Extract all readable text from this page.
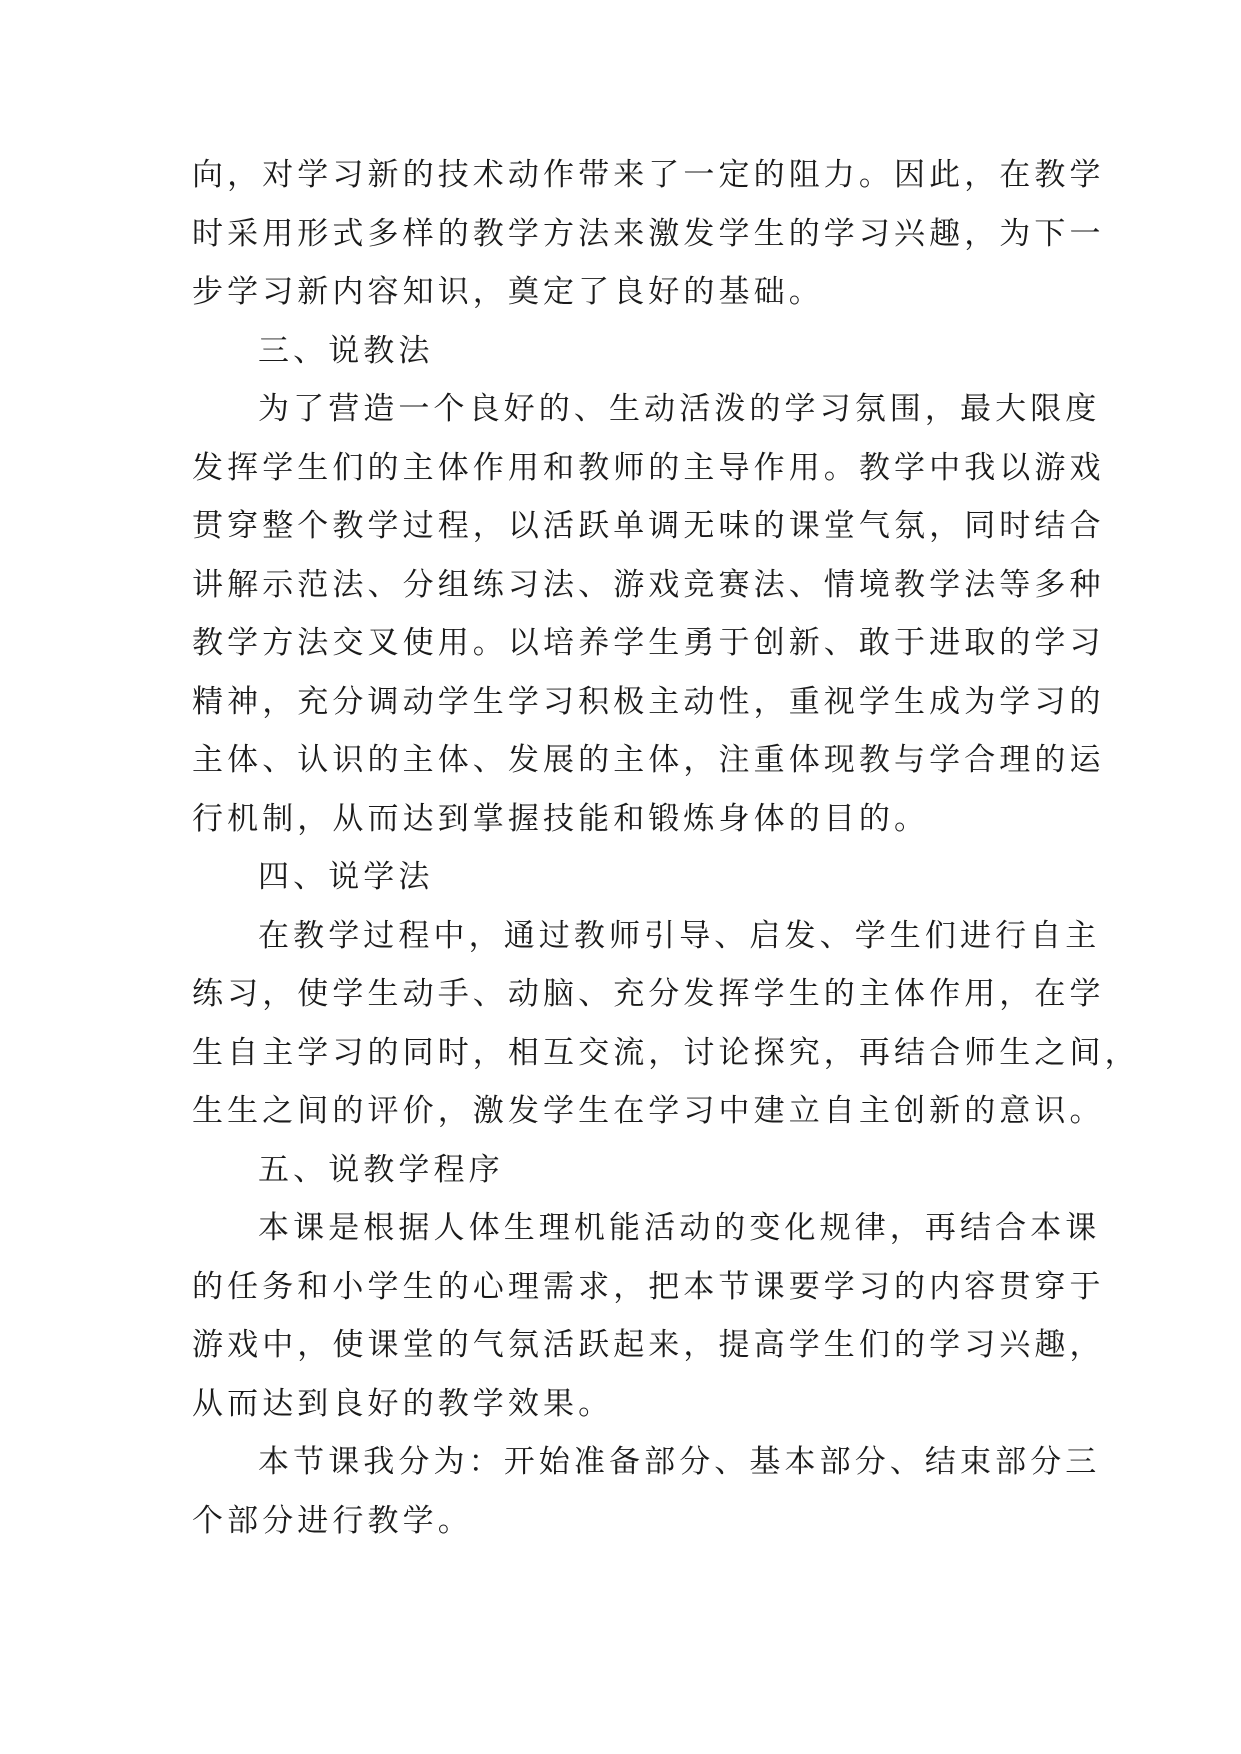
向，对学习新的技术动作带来了一定的阻力。因此，在教学
时采用形式多样的教学方法来激发学生的学习兴趣，为下一
步学习新内容知识，奠定了良好的基础。
三、说教法
为了营造一个良好的、生动活泼的学习氛围，最大限度
发挥学生们的主体作用和教师的主导作用。教学中我以游戏
贯穿整个教学过程，以活跃单调无味的课堂气氛，同时结合
讲解示范法、分组练习法、游戏竞赛法、情境教学法等多种
教学方法交叉使用。以培养学生勇于创新、敢于进取的学习
精神，充分调动学生学习积极主动性，重视学生成为学习的
主体、认识的主体、发展的主体，注重体现教与学合理的运
行机制，从而达到掌握技能和锻炼身体的目的。
四、说学法
在教学过程中，通过教师引导、启发、学生们进行自主
练习，使学生动手、动脑、充分发挥学生的主体作用，在学
生自主学习的同时，相互交流，讨论探究，再结合师生之间，
生生之间的评价，激发学生在学习中建立自主创新的意识。
五、说教学程序
本课是根据人体生理机能活动的变化规律，再结合本课
的任务和小学生的心理需求，把本节课要学习的内容贯穿于
游戏中，使课堂的气氛活跃起来，提高学生们的学习兴趣，
从而达到良好的教学效果。
本节课我分为：开始准备部分、基本部分、结束部分三
个部分进行教学。
